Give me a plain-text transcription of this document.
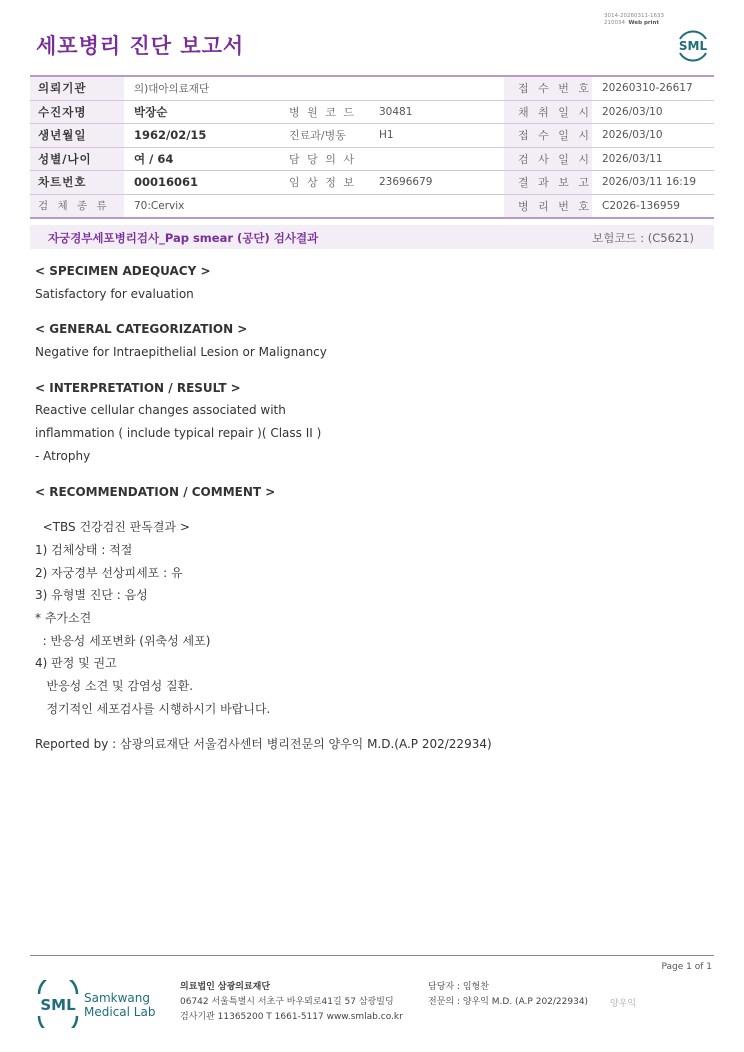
세포병리 진단 보고서
3014-20260311-1633
210034 Web print
SML
의뢰기관	의)대아의료재단			접 수 번 호	20260310-26617
수진자명	박장순	병 원 코 드	30481	채 취 일 시	2026/03/10
생년월일	1962/02/15	진료과/병동	H1	접 수 일 시	2026/03/10
성별/나이	여 / 64	담 당 의 사		검 사 일 시	2026/03/11
차트번호	00016061	임 상 정 보	23696679	결 과 보 고	2026/03/11 16:19
검 체 종 류	70:Cervix			병 리 번 호	C2026-136959
자궁경부세포병리검사_Pap smear (공단) 검사결과	보험코드 : (C5621)
< SPECIMEN ADEQUACY >
Satisfactory for evaluation
< GENERAL CATEGORIZATION >
Negative for Intraepithelial Lesion or Malignancy
< INTERPRETATION / RESULT >
Reactive cellular changes associated with
inflammation ( include typical repair )( Class II )
- Atrophy
< RECOMMENDATION / COMMENT >
<TBS 건강검진 판독결과 >
1) 검체상태 : 적절
2) 자궁경부 선상피세포 : 유
3) 유형별 진단 : 음성
* 추가소견
: 반응성 세포변화 (위축성 세포)
4) 판정 및 권고
반응성 소견 및 감염성 질환.
정기적인 세포검사를 시행하시기 바랍니다.
Reported by : 삼광의료재단 서울검사센터 병리전문의 양우익 M.D.(A.P 202/22934)
Page 1 of 1
SML Samkwang
Medical Lab
의료법인 삼광의료재단
06742 서울특별시 서초구 바우뫼로41길 57 삼광빌딩
검사기관 11365200 T 1661-5117 www.smlab.co.kr
담당자 : 임형찬
전문의 : 양우익 M.D. (A.P 202/22934) 양우익
